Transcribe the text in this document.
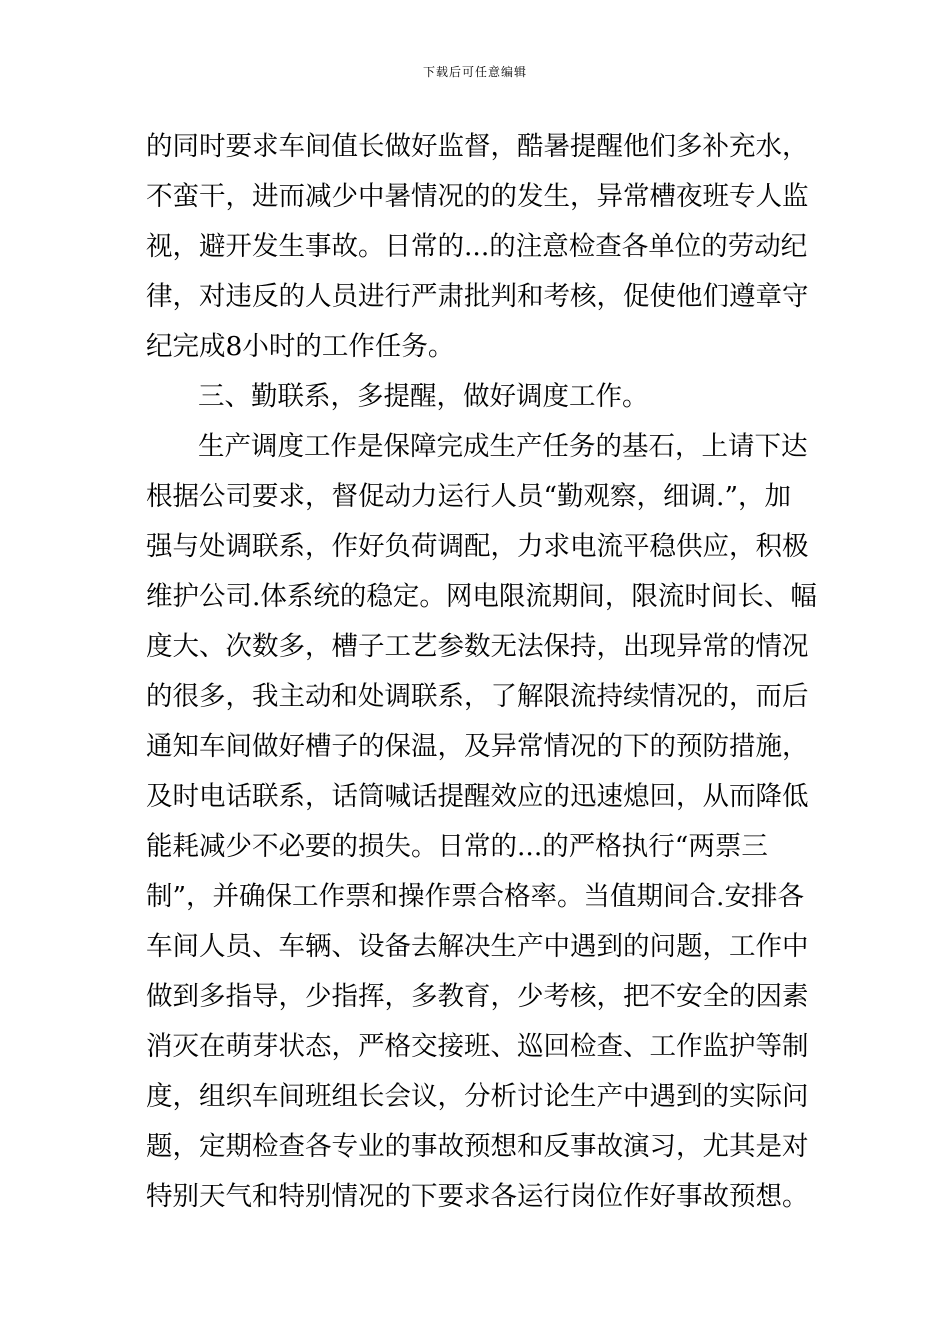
下载后可任意编辑
的同时要求车间值长做好监督，酷暑提醒他们多补充水，
不蛮干，进而减少中暑情况的的发生，异常槽夜班专人监
视，避开发生事故。日常的...的注意检查各单位的劳动纪
律，对违反的人员进行严肃批判和考核，促使他们遵章守
纪完成8小时的工作任务。
三、勤联系，多提醒，做好调度工作。
生产调度工作是保障完成生产任务的基石，上请下达
根据公司要求，督促动力运行人员“勤观察，细调.”，加
强与处调联系，作好负荷调配，力求电流平稳供应，积极
维护公司.体系统的稳定。网电限流期间，限流时间长、幅
度大、次数多，槽子工艺参数无法保持，出现异常的情况
的很多，我主动和处调联系，了解限流持续情况的，而后
通知车间做好槽子的保温，及异常情况的下的预防措施，
及时电话联系，话筒喊话提醒效应的迅速熄回，从而降低
能耗减少不必要的损失。日常的...的严格执行“两票三
制”，并确保工作票和操作票合格率。当值期间合.安排各
车间人员、车辆、设备去解决生产中遇到的问题，工作中
做到多指导，少指挥，多教育，少考核，把不安全的因素
消灭在萌芽状态，严格交接班、巡回检查、工作监护等制
度，组织车间班组长会议，分析讨论生产中遇到的实际问
题，定期检查各专业的事故预想和反事故演习，尤其是对
特别天气和特别情况的下要求各运行岗位作好事故预想。
